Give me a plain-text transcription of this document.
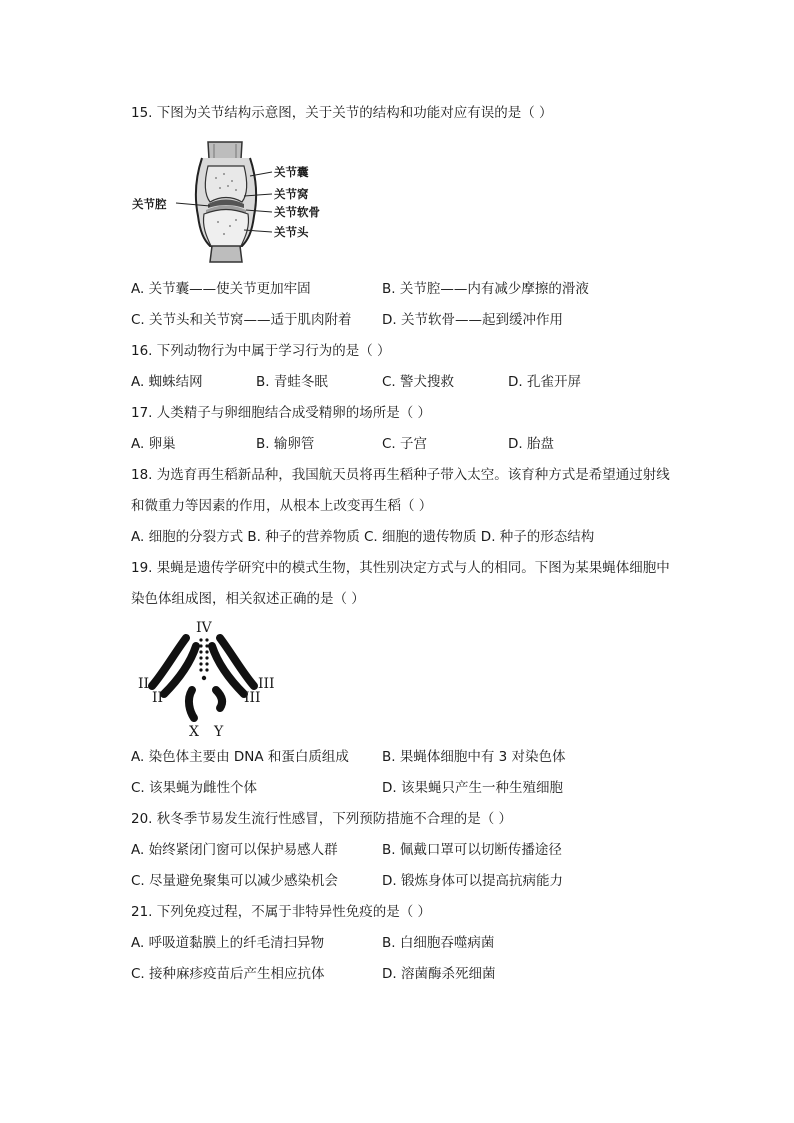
15. 下图为关节结构示意图，关于关节的结构和功能对应有误的是（ ）
关节囊
关节窝
关节软骨
关节头
关节腔
A. 关节囊——使关节更加牢固	B. 关节腔——内有减少摩擦的滑液
C. 关节头和关节窝——适于肌肉附着 D. 关节软骨——起到缓冲作用
16. 下列动物行为中属于学习行为的是（ ）
A. 蜘蛛结网	B. 青蛙冬眠	C. 警犬搜救	D. 孔雀开屏
17. 人类精子与卵细胞结合成受精卵的场所是（ ）
A. 卵巢	B. 输卵管	C. 子宫	D. 胎盘
18. 为选育再生稻新品种，我国航天员将再生稻种子带入太空。该育种方式是希望通过射线
和微重力等因素的作用，从根本上改变再生稻（ ）
A. 细胞的分裂方式 B. 种子的营养物质 C. 细胞的遗传物质 D. 种子的形态结构
19. 果蝇是遗传学研究中的模式生物，其性别决定方式与人的相同。下图为某果蝇体细胞中
染色体组成图，相关叙述正确的是（ ）
IV
II
II
III
III
X Y
A. 染色体主要由 DNA 和蛋白质组成 B. 果蝇体细胞中有 3 对染色体
C. 该果蝇为雌性个体	D. 该果蝇只产生一种生殖细胞
20. 秋冬季节易发生流行性感冒，下列预防措施不合理的是（ ）
A. 始终紧闭门窗可以保护易感人群	B. 佩戴口罩可以切断传播途径
C. 尽量避免聚集可以减少感染机会	D. 锻炼身体可以提高抗病能力
21. 下列免疫过程，不属于非特异性免疫的是（ ）
A. 呼吸道黏膜上的纤毛清扫异物	B. 白细胞吞噬病菌
C. 接种麻疹疫苗后产生相应抗体	D. 溶菌酶杀死细菌
